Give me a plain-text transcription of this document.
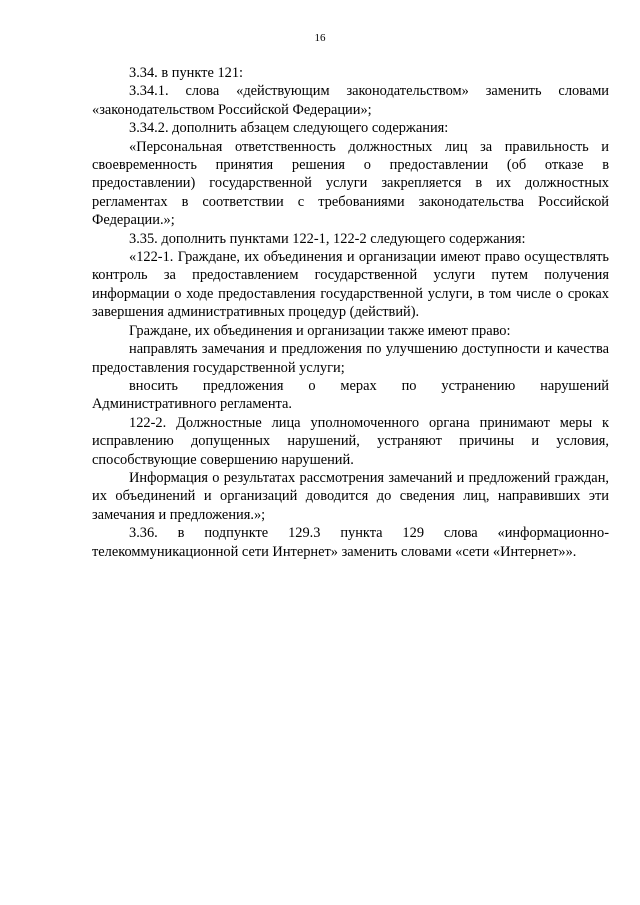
16

3.34. в пункте 121:

3.34.1. слова «действующим законодательством» заменить словами «законодательством Российской Федерации»;

3.34.2. дополнить абзацем следующего содержания:

«Персональная ответственность должностных лиц за правильность и своевременность принятия решения о предоставлении (об отказе в предоставлении) государственной услуги закрепляется в их должностных регламентах в соответствии с требованиями законодательства Российской Федерации.»;

3.35. дополнить пунктами 122-1, 122-2 следующего содержания:

«122-1. Граждане, их объединения и организации имеют право осуществлять контроль за предоставлением государственной услуги путем получения информации о ходе предоставления государственной услуги, в том числе о сроках завершения административных процедур (действий).

Граждане, их объединения и организации также имеют право:

направлять замечания и предложения по улучшению доступности и качества предоставления государственной услуги;

вносить предложения о мерах по устранению нарушений Административного регламента.

122-2. Должностные лица уполномоченного органа принимают меры к исправлению допущенных нарушений, устраняют причины и условия, способствующие совершению нарушений.

Информация о результатах рассмотрения замечаний и предложений граждан, их объединений и организаций доводится до сведения лиц, направивших эти замечания и предложения.»;

3.36. в подпункте 129.3 пункта 129 слова «информационно-телекоммуникационной сети Интернет» заменить словами «сети «Интернет»».
